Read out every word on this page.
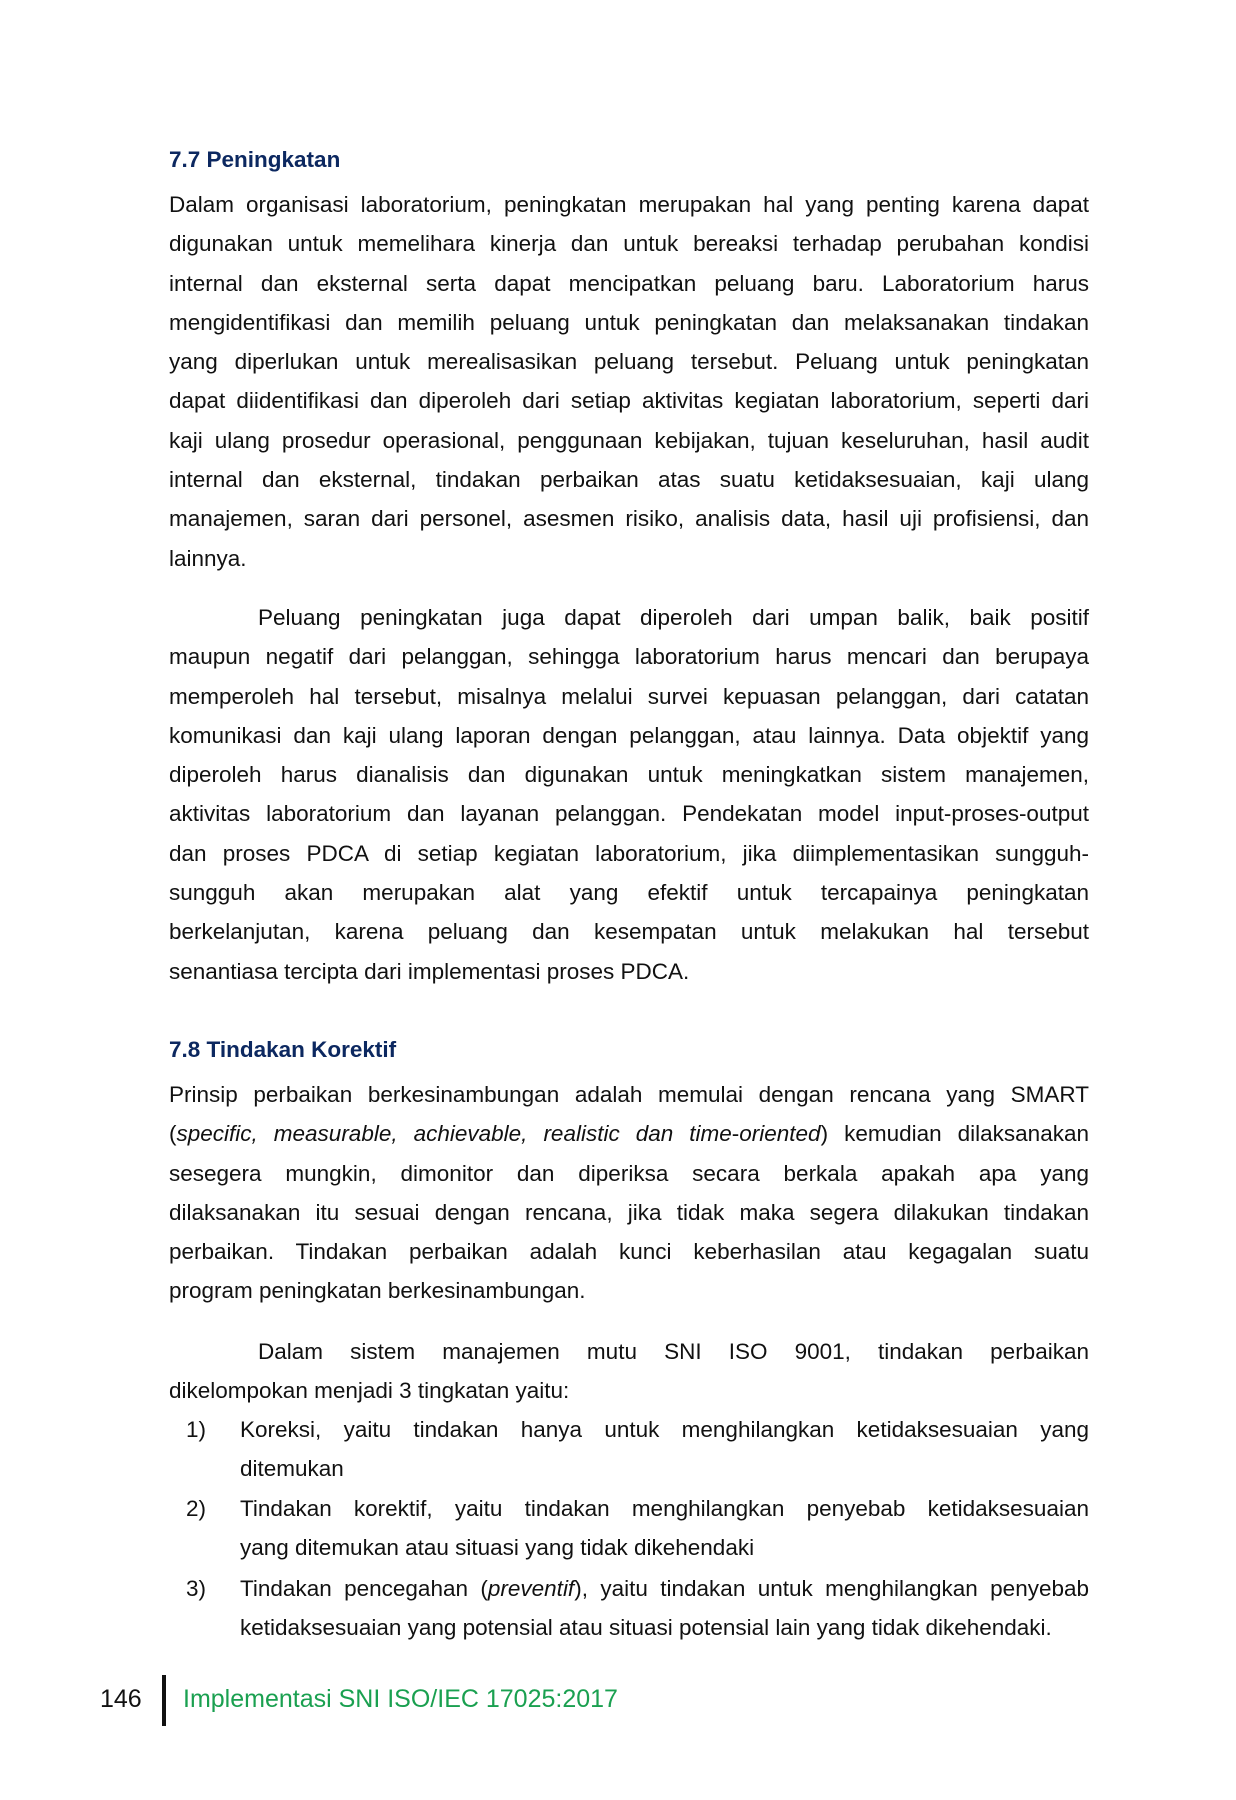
7.7 Peningkatan
Dalam organisasi laboratorium, peningkatan merupakan hal yang penting karena dapat
digunakan untuk memelihara kinerja dan untuk bereaksi terhadap perubahan kondisi
internal dan eksternal serta dapat mencipatkan peluang baru. Laboratorium harus
mengidentifikasi dan memilih peluang untuk peningkatan dan melaksanakan tindakan
yang diperlukan untuk merealisasikan peluang tersebut. Peluang untuk peningkatan
dapat diidentifikasi dan diperoleh dari setiap aktivitas kegiatan laboratorium, seperti dari
kaji ulang prosedur operasional, penggunaan kebijakan, tujuan keseluruhan, hasil audit
internal dan eksternal, tindakan perbaikan atas suatu ketidaksesuaian, kaji ulang
manajemen, saran dari personel, asesmen risiko, analisis data, hasil uji profisiensi, dan
lainnya.
Peluang peningkatan juga dapat diperoleh dari umpan balik, baik positif
maupun negatif dari pelanggan, sehingga laboratorium harus mencari dan berupaya
memperoleh hal tersebut, misalnya melalui survei kepuasan pelanggan, dari catatan
komunikasi dan kaji ulang laporan dengan pelanggan, atau lainnya. Data objektif yang
diperoleh harus dianalisis dan digunakan untuk meningkatkan sistem manajemen,
aktivitas laboratorium dan layanan pelanggan. Pendekatan model input-proses-output
dan proses PDCA di setiap kegiatan laboratorium, jika diimplementasikan sungguh-
sungguh akan merupakan alat yang efektif untuk tercapainya peningkatan
berkelanjutan, karena peluang dan kesempatan untuk melakukan hal tersebut
senantiasa tercipta dari implementasi proses PDCA.
7.8 Tindakan Korektif
Prinsip perbaikan berkesinambungan adalah memulai dengan rencana yang SMART
(specific, measurable, achievable, realistic dan time-oriented) kemudian dilaksanakan
sesegera mungkin, dimonitor dan diperiksa secara berkala apakah apa yang
dilaksanakan itu sesuai dengan rencana, jika tidak maka segera dilakukan tindakan
perbaikan. Tindakan perbaikan adalah kunci keberhasilan atau kegagalan suatu
program peningkatan berkesinambungan.
Dalam sistem manajemen mutu SNI ISO 9001, tindakan perbaikan
dikelompokan menjadi 3 tingkatan yaitu:
1) Koreksi, yaitu tindakan hanya untuk menghilangkan ketidaksesuaian yang
ditemukan
2) Tindakan korektif, yaitu tindakan menghilangkan penyebab ketidaksesuaian
yang ditemukan atau situasi yang tidak dikehendaki
3) Tindakan pencegahan (preventif), yaitu tindakan untuk menghilangkan penyebab
ketidaksesuaian yang potensial atau situasi potensial lain yang tidak dikehendaki.
146 Implementasi SNI ISO/IEC 17025:2017
